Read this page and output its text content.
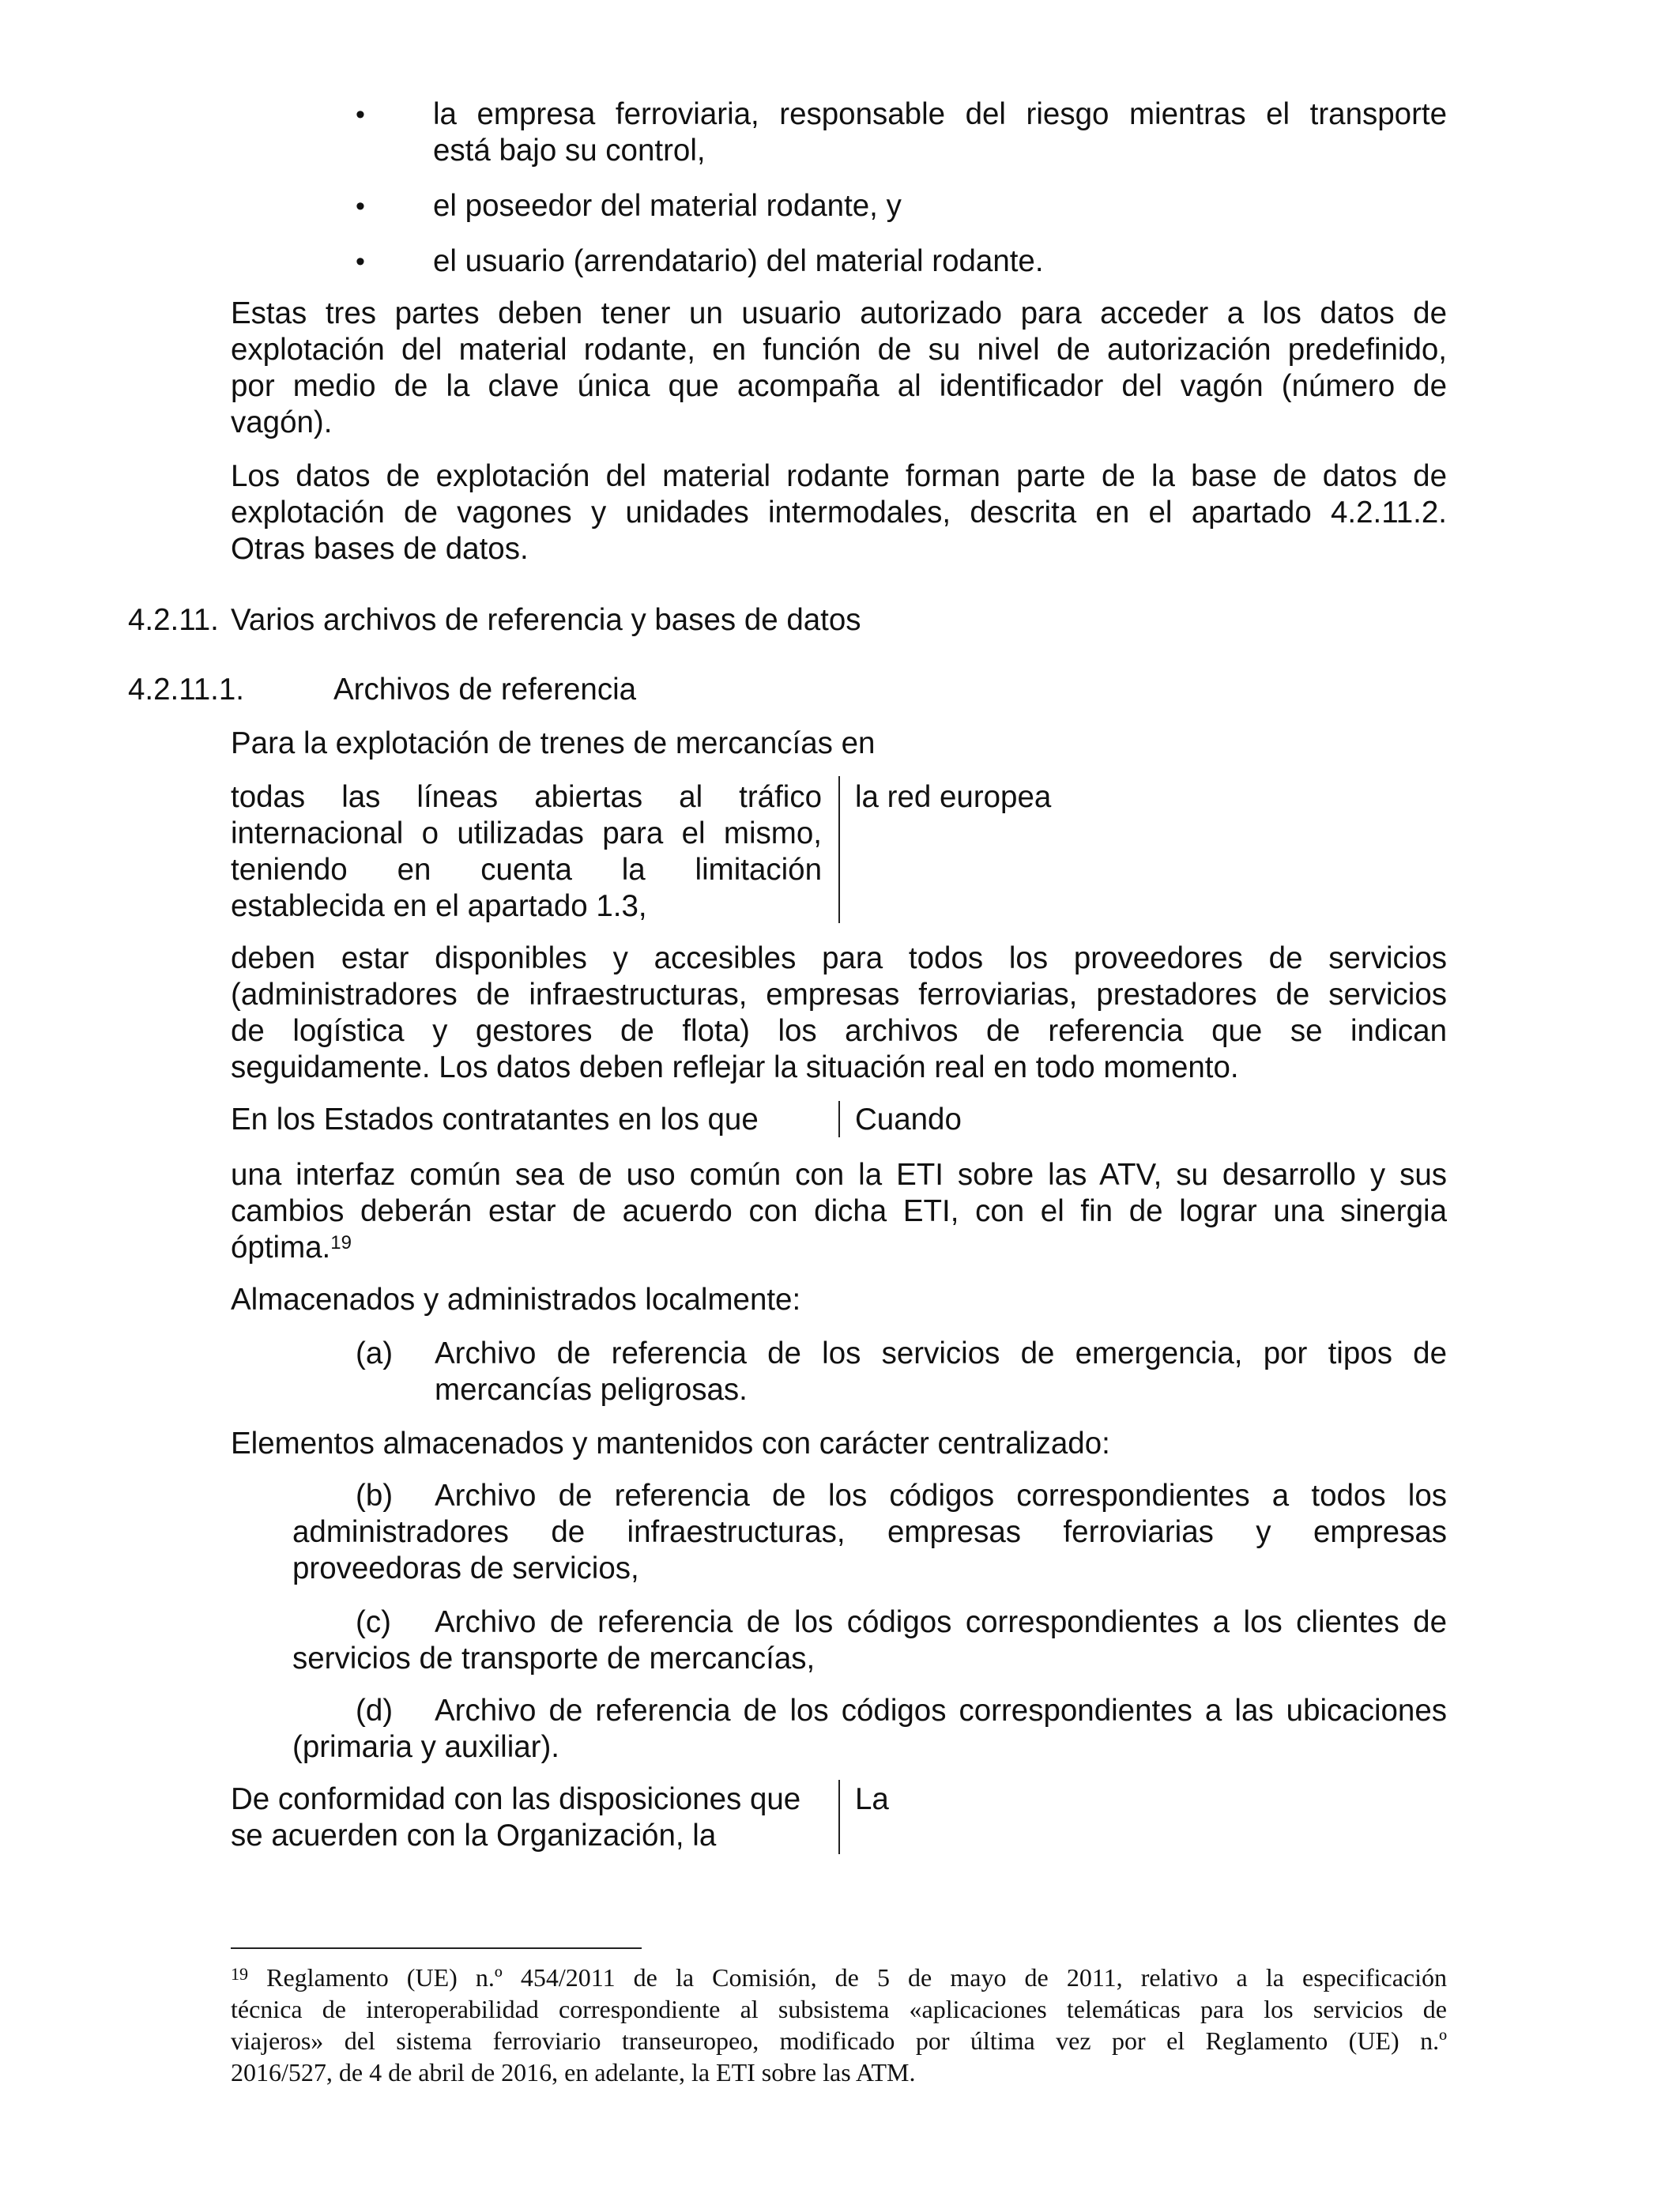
• la empresa ferroviaria, responsable del riesgo mientras el transporte
está bajo su control,
• el poseedor del material rodante, y
• el usuario (arrendatario) del material rodante.
Estas tres partes deben tener un usuario autorizado para acceder a los datos de
explotación del material rodante, en función de su nivel de autorización predefinido,
por medio de la clave única que acompaña al identificador del vagón (número de
vagón).
Los datos de explotación del material rodante forman parte de la base de datos de
explotación de vagones y unidades intermodales, descrita en el apartado 4.2.11.2.
Otras bases de datos.
4.2.11. Varios archivos de referencia y bases de datos
4.2.11.1.	Archivos de referencia
Para la explotación de trenes de mercancías en
todas las líneas abiertas al tráfico
internacional o utilizadas para el mismo,
teniendo en cuenta la limitación
establecida en el apartado 1.3,
la red europea
deben estar disponibles y accesibles para todos los proveedores de servicios
(administradores de infraestructuras, empresas ferroviarias, prestadores de servicios
de logística y gestores de flota) los archivos de referencia que se indican
seguidamente. Los datos deben reflejar la situación real en todo momento.
En los Estados contratantes en los que	Cuando
una interfaz común sea de uso común con la ETI sobre las ATV, su desarrollo y sus
cambios deberán estar de acuerdo con dicha ETI, con el fin de lograr una sinergia
óptima.$^{19}$
Almacenados y administrados localmente:
(a) Archivo de referencia de los servicios de emergencia, por tipos de
mercancías peligrosas.
Elementos almacenados y mantenidos con carácter centralizado:
(b) Archivo de referencia de los códigos correspondientes a todos los
administradores de infraestructuras, empresas ferroviarias y empresas
proveedoras de servicios,
(c) Archivo de referencia de los códigos correspondientes a los clientes de
servicios de transporte de mercancías,
(d) Archivo de referencia de los códigos correspondientes a las ubicaciones
(primaria y auxiliar).
De conformidad con las disposiciones que
se acuerden con la Organización, la
La
$^{19}$ Reglamento (UE) n.º 454/2011 de la Comisión, de 5 de mayo de 2011, relativo a la especificación
técnica de interoperabilidad correspondiente al subsistema «aplicaciones telemáticas para los servicios de
viajeros» del sistema ferroviario transeuropeo, modificado por última vez por el Reglamento (UE) n.º
2016/527, de 4 de abril de 2016, en adelante, la ETI sobre las ATM.
